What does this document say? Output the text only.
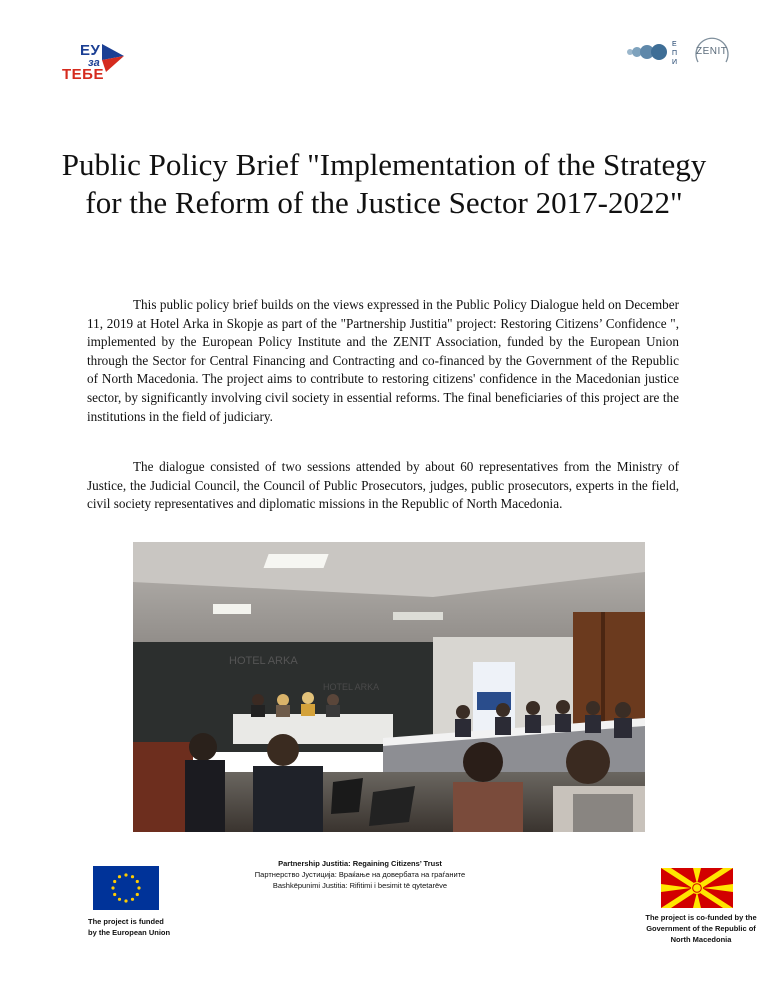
ЕУ
за
ТЕБЕ
Е
П
И
ZENIT
Public Policy Brief "Implementation of the Strategy for the Reform of the Justice Sector 2017-2022"

This public policy brief builds on the views expressed in the Public Policy Dialogue held on December 11, 2019 at Hotel Arka in Skopje as part of the "Partnership Justitia" project: Restoring Citizens’ Confidence ", implemented by the European Policy Institute and the ZENIT Association, funded by the European Union through the Sector for Central Financing and Contracting and co-financed by the Government of the Republic of North Macedonia. The project aims to contribute to restoring citizens' confidence in the Macedonian justice sector, by significantly involving civil society in essential reforms. The final beneficiaries of this project are the institutions in the field of judiciary.

The dialogue consisted of two sessions attended by about 60 representatives from the Ministry of Justice, the Judicial Council, the Council of Public Prosecutors, judges, public prosecutors, experts in the field, civil society representatives and diplomatic missions in the Republic of North Macedonia.

HOTEL ARKA
HOTEL ARKA
The project is funded
by the European Union
Partnership Justitia: Regaining Citizens’ Trust
Партнерство Јустиција: Враќање на довербата на граѓаните
Bashkëpunimi Justitia: Rifitimi i besimit të qytetarëve
The project is co-funded by the
Government of the Republic of
North Macedonia
